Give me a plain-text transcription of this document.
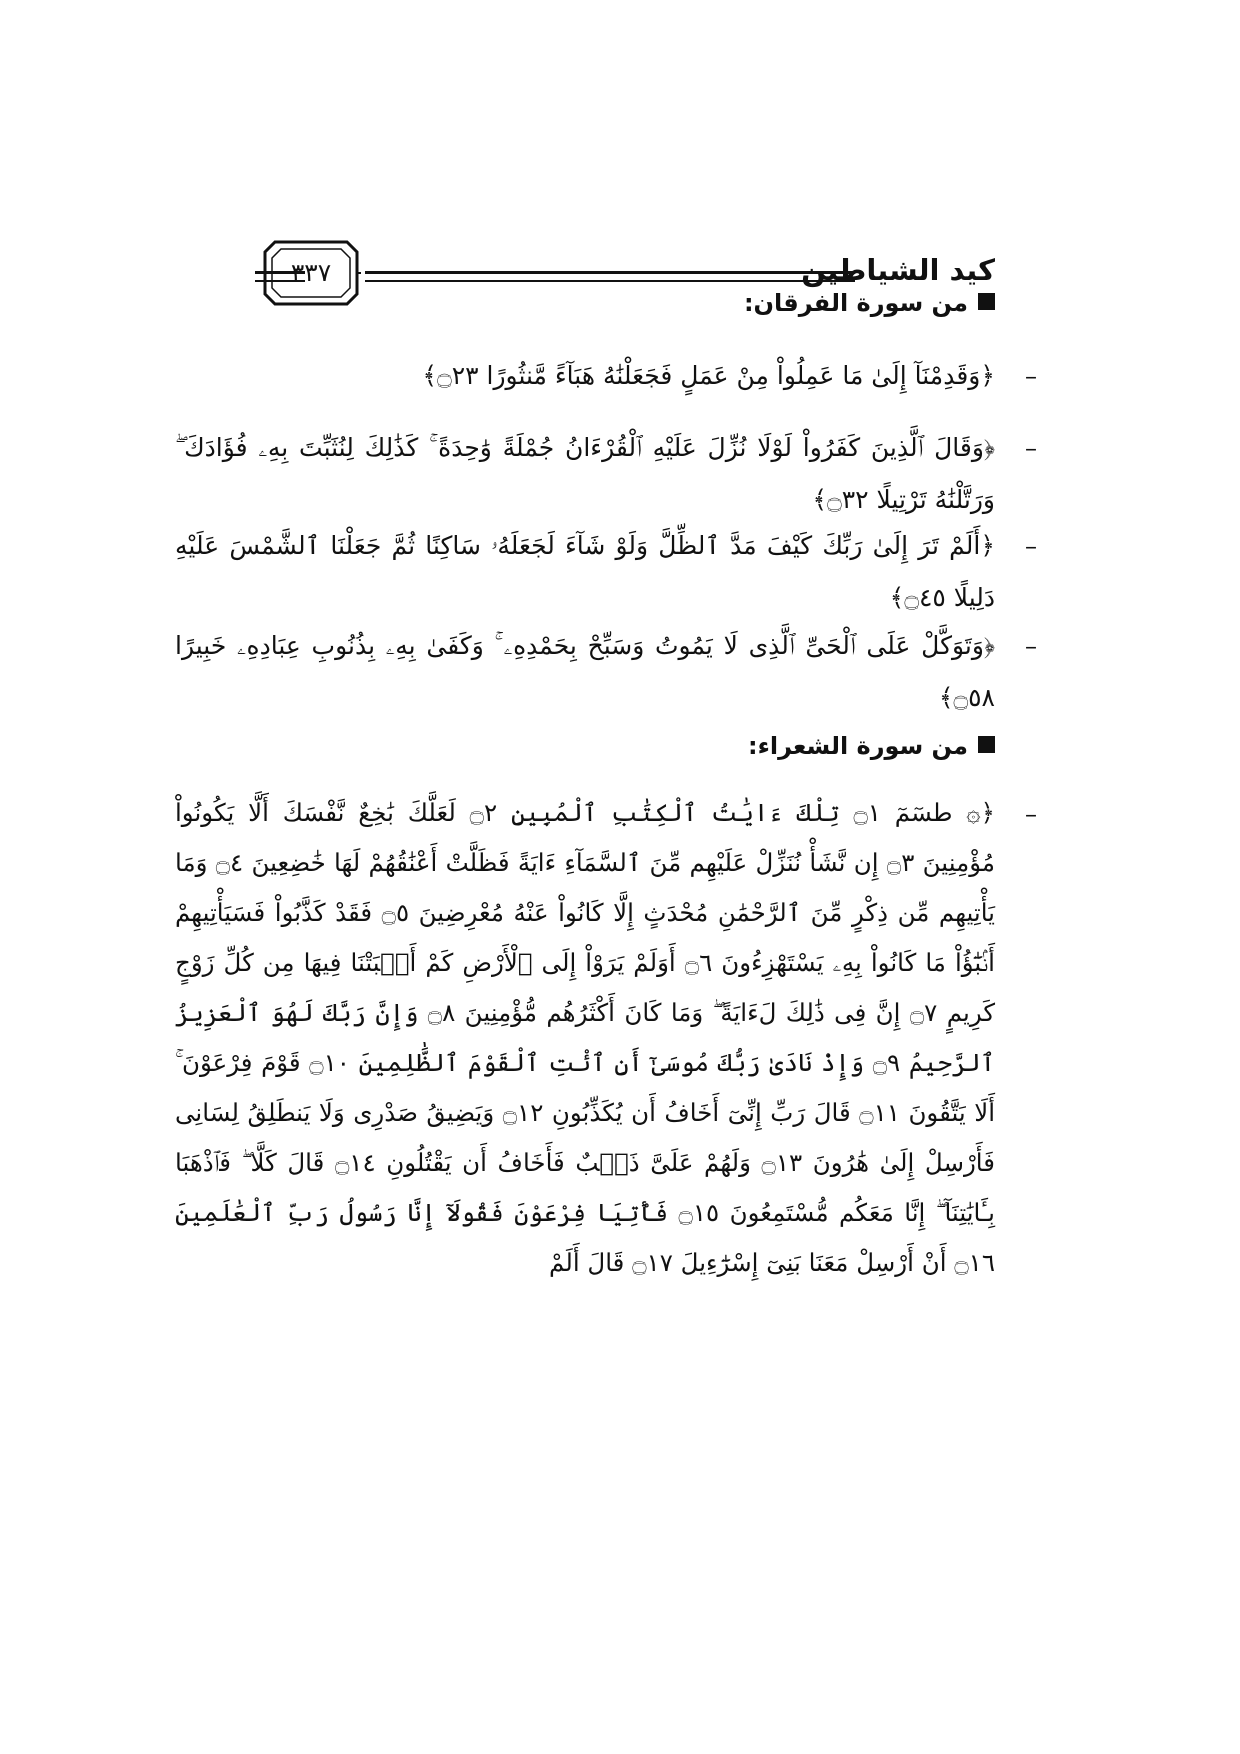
كيد الشياطين
٣٣٧
من سورة الفرقان:
–

﴿وَقَدِمْنَآ إِلَىٰ مَا عَمِلُواْ مِنْ عَمَلٍ فَجَعَلْنَٰهُ هَبَآءً مَّنثُورًا ۝٢٣﴾

–

﴿وَقَالَ ٱلَّذِينَ كَفَرُواْ لَوْلَا نُزِّلَ عَلَيْهِ ٱلْقُرْءَانُ جُمْلَةً وَٰحِدَةً ۚ كَذَٰلِكَ لِنُثَبِّتَ بِهِۦ فُؤَادَكَ ۖ وَرَتَّلْنَٰهُ تَرْتِيلًا ۝٣٢﴾

–

﴿أَلَمْ تَرَ إِلَىٰ رَبِّكَ كَيْفَ مَدَّ ٱلظِّلَّ وَلَوْ شَآءَ لَجَعَلَهُۥ سَاكِنًا ثُمَّ جَعَلْنَا ٱلشَّمْسَ عَلَيْهِ دَلِيلًا ۝٤٥﴾

–

﴿وَتَوَكَّلْ عَلَى ٱلْحَىِّ ٱلَّذِى لَا يَمُوتُ وَسَبِّحْ بِحَمْدِهِۦ ۚ وَكَفَىٰ بِهِۦ بِذُنُوبِ عِبَادِهِۦ خَبِيرًا ۝٥٨﴾

من سورة الشعراء:
–

﴿۞ طسٓمٓ ۝١ تِلْكَ ءَايَٰتُ ٱلْكِتَٰبِ ٱلْمُبِينِ ۝٢ لَعَلَّكَ بَٰخِعٌ نَّفْسَكَ أَلَّا يَكُونُواْ مُؤْمِنِينَ ۝٣ إِن نَّشَأْ نُنَزِّلْ عَلَيْهِم مِّنَ ٱلسَّمَآءِ ءَايَةً فَظَلَّتْ أَعْنَٰقُهُمْ لَهَا خَٰضِعِينَ ۝٤ وَمَا يَأْتِيهِم مِّن ذِكْرٍ مِّنَ ٱلرَّحْمَٰنِ مُحْدَثٍ إِلَّا كَانُواْ عَنْهُ مُعْرِضِينَ ۝٥ فَقَدْ كَذَّبُواْ فَسَيَأْتِيهِمْ أَنۢبَٰٓؤُاْ مَا كَانُواْ بِهِۦ يَسْتَهْزِءُونَ ۝٦ أَوَلَمْ يَرَوْاْ إِلَى ٱلْأَرْضِ كَمْ أَنۢبَتْنَا فِيهَا مِن كُلِّ زَوْجٍ كَرِيمٍ ۝٧ إِنَّ فِى ذَٰلِكَ لَءَايَةً ۖ وَمَا كَانَ أَكْثَرُهُم مُّؤْمِنِينَ ۝٨ وَإِنَّ رَبَّكَ لَهُوَ ٱلْعَزِيزُ ٱلرَّحِيمُ ۝٩ وَإِذْ نَادَىٰ رَبُّكَ مُوسَىٰٓ أَنِ ٱئْتِ ٱلْقَوْمَ ٱلظَّٰلِمِينَ ۝١٠ قَوْمَ فِرْعَوْنَ ۚ أَلَا يَتَّقُونَ ۝١١ قَالَ رَبِّ إِنِّىٓ أَخَافُ أَن يُكَذِّبُونِ ۝١٢ وَيَضِيقُ صَدْرِى وَلَا يَنطَلِقُ لِسَانِى فَأَرْسِلْ إِلَىٰ هَٰرُونَ ۝١٣ وَلَهُمْ عَلَىَّ ذَنۢبٌ فَأَخَافُ أَن يَقْتُلُونِ ۝١٤ قَالَ كَلَّا ۖ فَٱذْهَبَا بِـَٔايَٰتِنَآ ۖ إِنَّا مَعَكُم مُّسْتَمِعُونَ ۝١٥ فَأْتِيَا فِرْعَوْنَ فَقُولَآ إِنَّا رَسُولُ رَبِّ ٱلْعَٰلَمِينَ ۝١٦ أَنْ أَرْسِلْ مَعَنَا بَنِىٓ إِسْرَٰٓءِيلَ ۝١٧ قَالَ أَلَمْ
